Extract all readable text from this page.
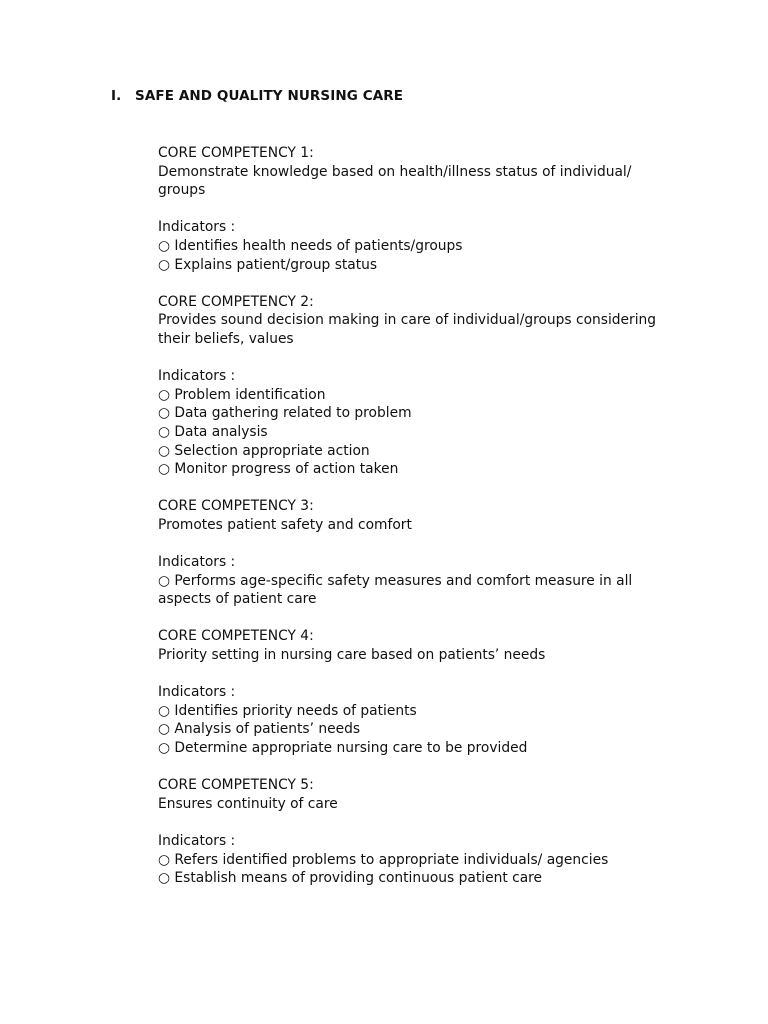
I. SAFE AND QUALITY NURSING CARE
CORE COMPETENCY 1:
Demonstrate knowledge based on health/illness status of individual/ groups
Indicators :
○ Identifies health needs of patients/groups
○ Explains patient/group status
CORE COMPETENCY 2:
Provides sound decision making in care of individual/groups considering their beliefs, values
Indicators :
○ Problem identification
○ Data gathering related to problem
○ Data analysis
○ Selection appropriate action
○ Monitor progress of action taken
CORE COMPETENCY 3:
Promotes patient safety and comfort
Indicators :
○ Performs age-specific safety measures and comfort measure in all aspects of patient care
CORE COMPETENCY 4:
Priority setting in nursing care based on patients’ needs
Indicators :
○ Identifies priority needs of patients
○ Analysis of patients’ needs
○ Determine appropriate nursing care to be provided
CORE COMPETENCY 5:
Ensures continuity of care
Indicators :
○ Refers identified problems to appropriate individuals/ agencies
○ Establish means of providing continuous patient care
